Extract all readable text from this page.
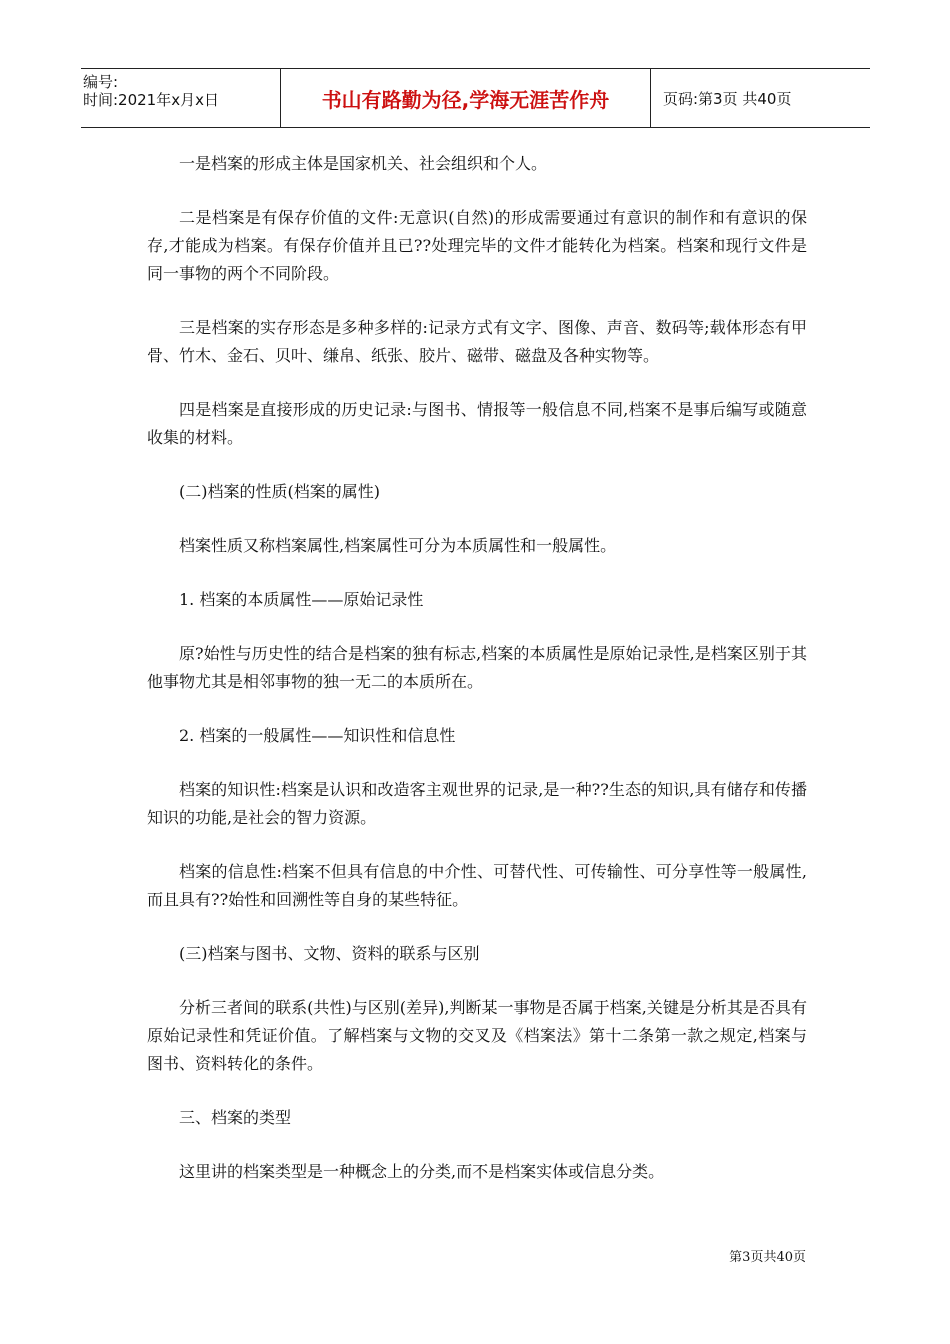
编号:
时间:2021年x月x日	书山有路勤为径,学海无涯苦作舟	页码:第3页 共40页

一是档案的形成主体是国家机关、社会组织和个人。

二是档案是有保存价值的文件:无意识(自然)的形成需要通过有意识的制作和有意识的保存,才能成为档案。有保存价值并且已??处理完毕的文件才能转化为档案。档案和现行文件是同一事物的两个不同阶段。

三是档案的实存形态是多种多样的:记录方式有文字、图像、声音、数码等;载体形态有甲骨、竹木、金石、贝叶、缣帛、纸张、胶片、磁带、磁盘及各种实物等。

四是档案是直接形成的历史记录:与图书、情报等一般信息不同,档案不是事后编写或随意收集的材料。

(二)档案的性质(档案的属性)

档案性质又称档案属性,档案属性可分为本质属性和一般属性。

1. 档案的本质属性——原始记录性

原?始性与历史性的结合是档案的独有标志,档案的本质属性是原始记录性,是档案区别于其他事物尤其是相邻事物的独一无二的本质所在。

2. 档案的一般属性——知识性和信息性

档案的知识性:档案是认识和改造客主观世界的记录,是一种??生态的知识,具有储存和传播知识的功能,是社会的智力资源。

档案的信息性:档案不但具有信息的中介性、可替代性、可传输性、可分享性等一般属性,而且具有??始性和回溯性等自身的某些特征。

(三)档案与图书、文物、资料的联系与区别

分析三者间的联系(共性)与区别(差异),判断某一事物是否属于档案,关键是分析其是否具有原始记录性和凭证价值。了解档案与文物的交叉及《档案法》第十二条第一款之规定,档案与图书、资料转化的条件。

三、档案的类型

这里讲的档案类型是一种概念上的分类,而不是档案实体或信息分类。

第3页共40页
